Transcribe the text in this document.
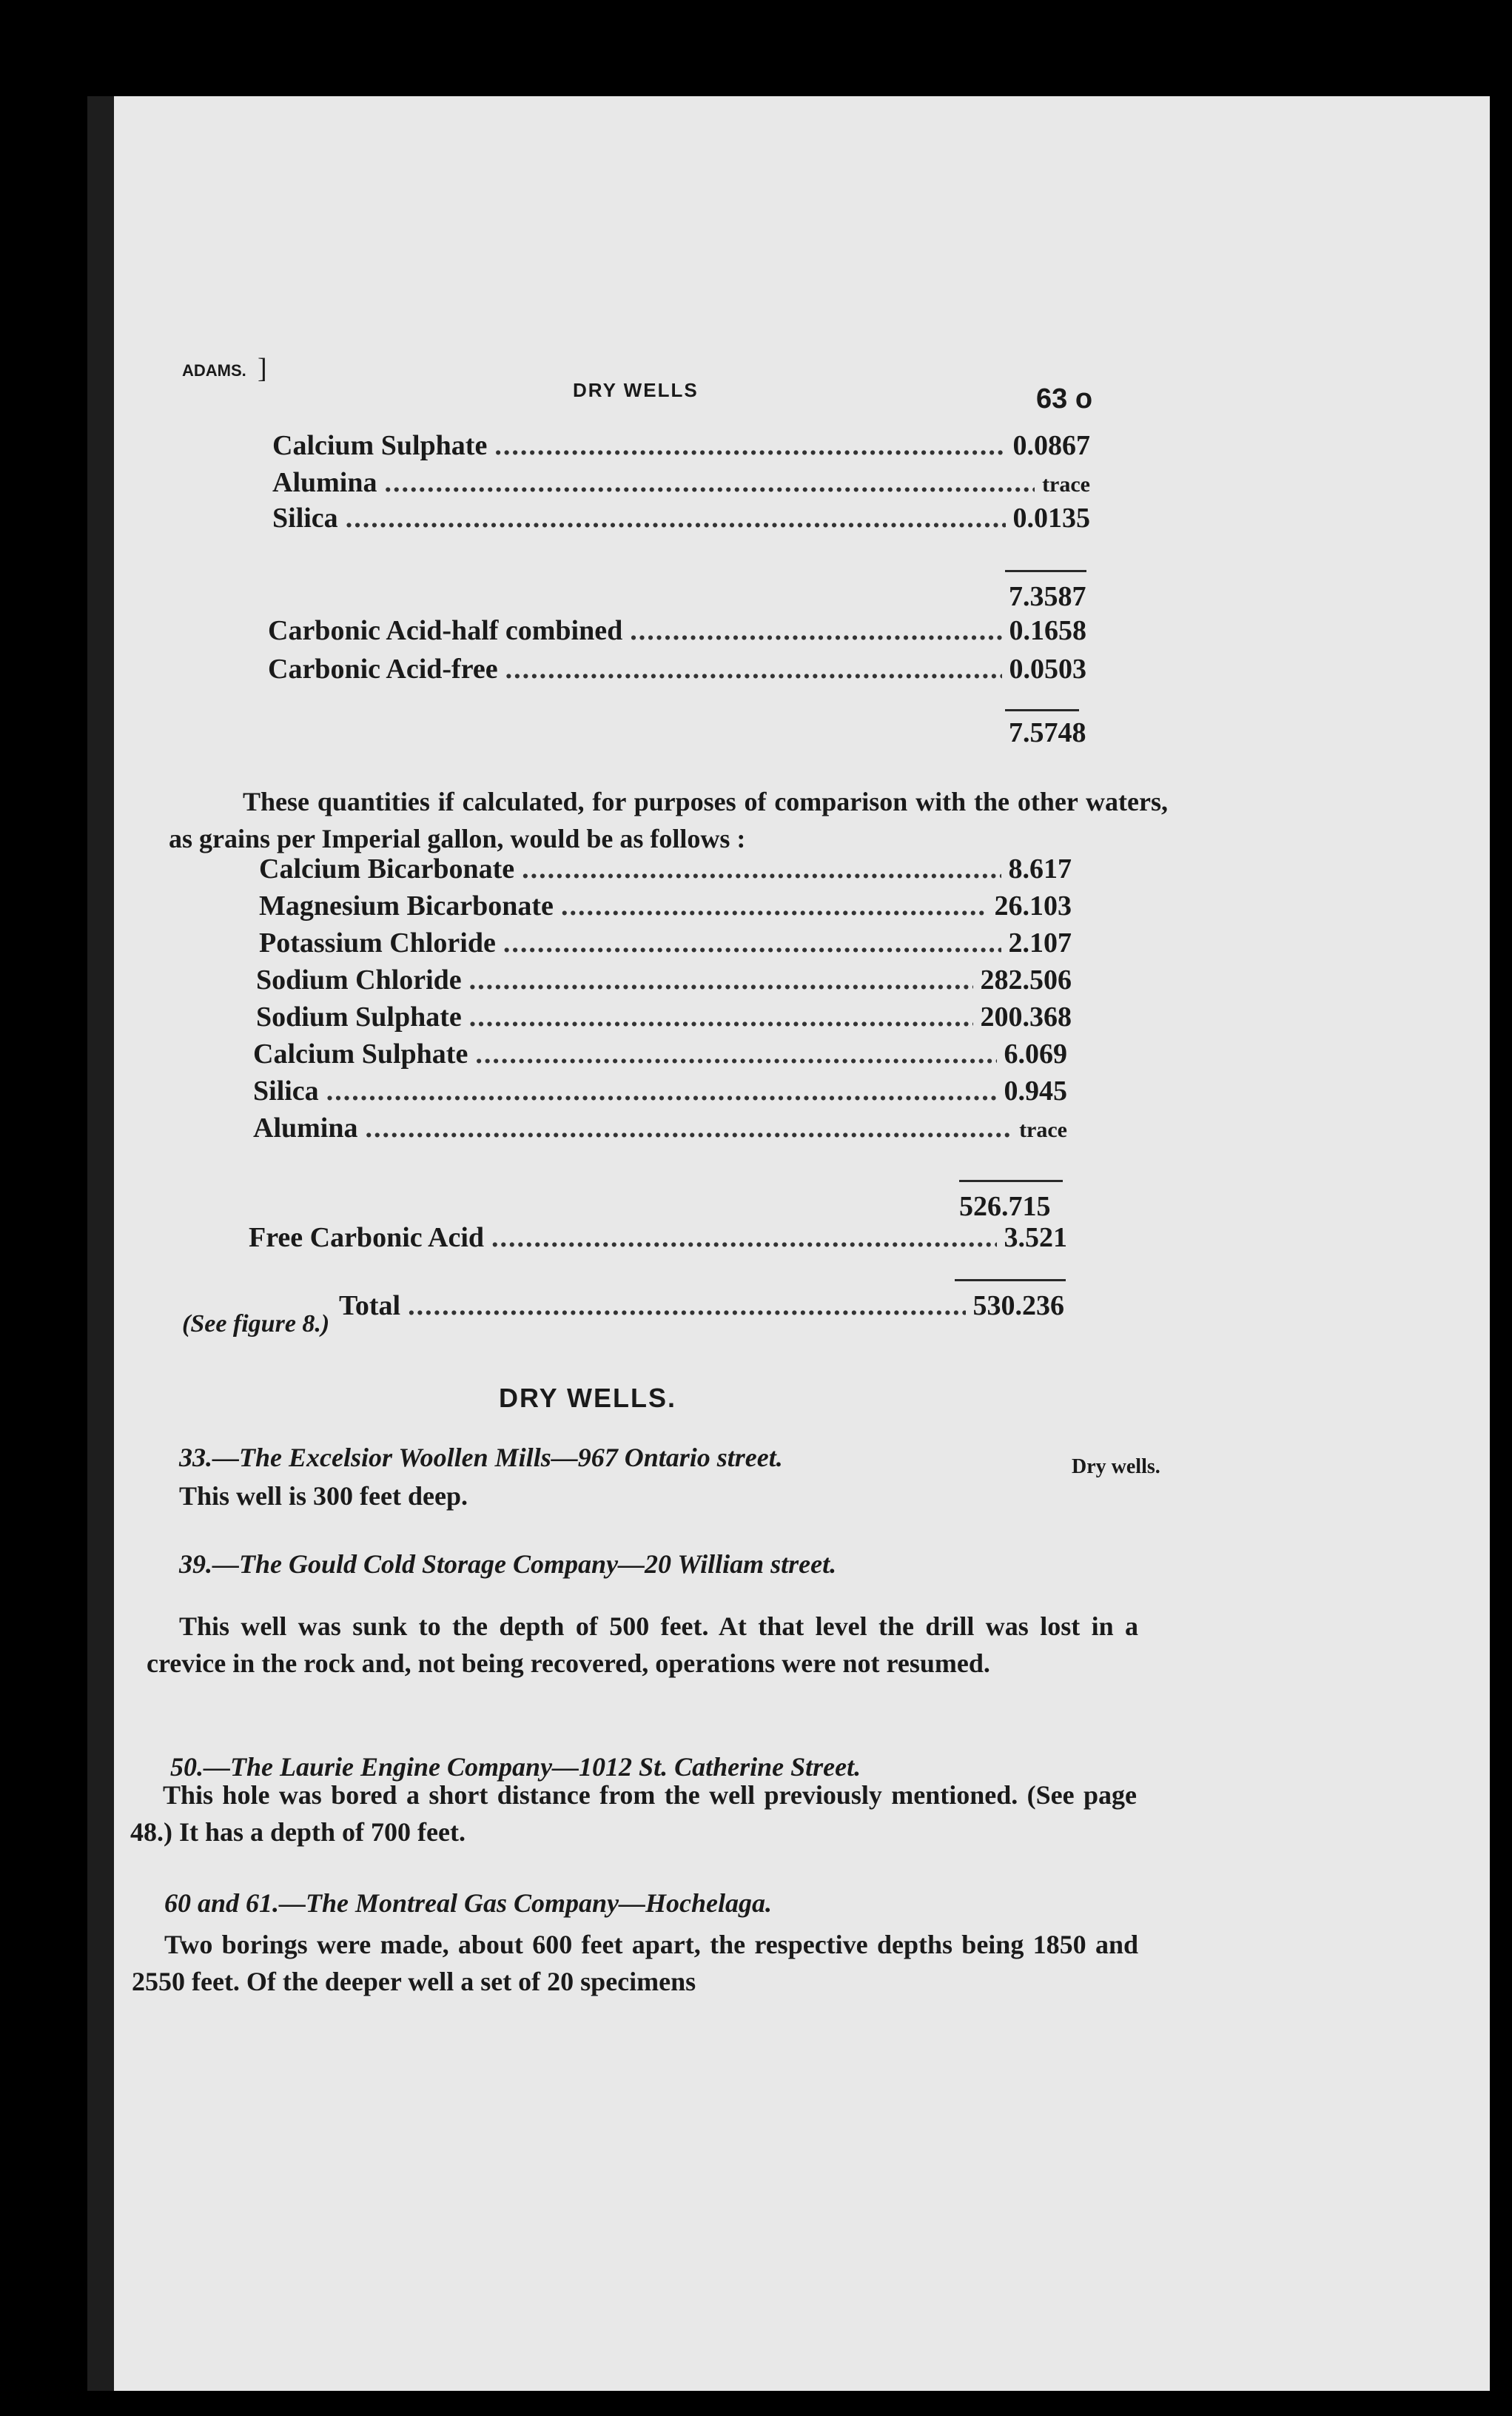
ADAMS. ]
DRY WELLS	63 o
Calcium Sulphate .....	0.0867
Alumina .....	trace
Silica .....	0.0135
7.3587
Carbonic Acid-half combined .....	0.1658
Carbonic Acid-free .....	0.0503
7.5748

These quantities if calculated, for purposes of comparison with the other waters, as grains per Imperial gallon, would be as follows :

Calcium Bicarbonate .....	8.617
Magnesium Bicarbonate .....	26.103
Potassium Chloride .....	2.107
Sodium Chloride .....	282.506
Sodium Sulphate .....	200.368
Calcium Sulphate .....	6.069
Silica .....	0.945
Alumina .....	trace
526.715
Free Carbonic Acid .....	3.521
Total .....	530.236
(See figure 8.)
DRY WELLS.
Dry wells.
33.—The Excelsior Woollen Mills—967 Ontario street.

This well is 300 feet deep.

39.—The Gould Cold Storage Company—20 William street.

This well was sunk to the depth of 500 feet. At that level the drill was lost in a crevice in the rock and, not being recovered, operations were not resumed.

50.—The Laurie Engine Company—1012 St. Catherine Street.

This hole was bored a short distance from the well previously mentioned. (See page 48.) It has a depth of 700 feet.

60 and 61.—The Montreal Gas Company—Hochelaga.

Two borings were made, about 600 feet apart, the respective depths being 1850 and 2550 feet. Of the deeper well a set of 20 specimens
